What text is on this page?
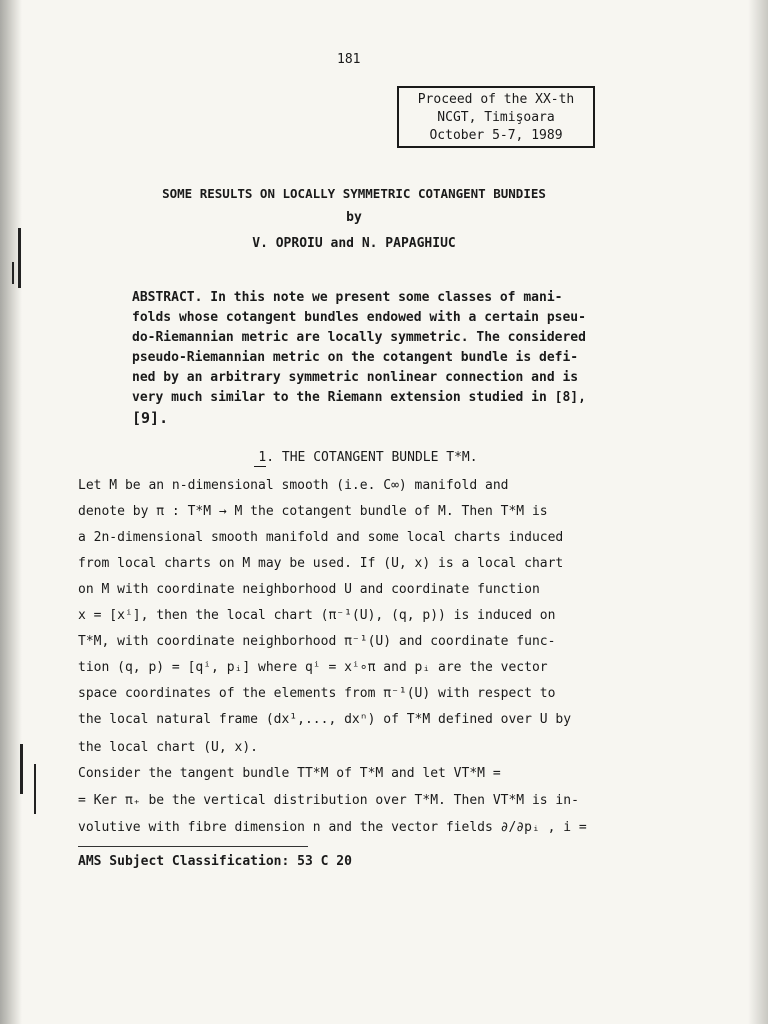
181
Proceed of the XX-th
NCGT, Timişoara
October 5-7, 1989
SOME RESULTS ON LOCALLY SYMMETRIC COTANGENT BUNDIES
by
V. OPROIU and N. PAPAGHIUC
ABSTRACT. In this note we present some classes of mani-
folds whose cotangent bundles endowed with a certain pseu-
do-Riemannian metric are locally symmetric. The considered
pseudo-Riemannian metric on the cotangent bundle is defi-
ned by an arbitrary symmetric nonlinear connection and is
very much similar to the Riemann extension studied in [8],
[9].
1. THE COTANGENT BUNDLE T*M.
Let M be an n-dimensional smooth (i.e. C∞) manifold and
denote by π : T*M → M the cotangent bundle of M. Then T*M is
a 2n-dimensional smooth manifold and some local charts induced
from local charts on M may be used. If (U, x) is a local chart
on M with coordinate neighborhood U and coordinate function
x = [xⁱ], then the local chart (π⁻¹(U), (q, p)) is induced on
T*M, with coordinate neighborhood π⁻¹(U) and coordinate func-
tion (q, p) = [qⁱ, pᵢ] where qⁱ = xⁱ∘π and pᵢ are the vector
space coordinates of the elements from π⁻¹(U) with respect to
the local natural frame (dx¹,..., dxⁿ) of T*M defined over U by
the local chart (U, x).
Consider the tangent bundle TT*M of T*M and let VT*M =
= Ker π₊ be the vertical distribution over T*M. Then VT*M is in-
volutive with fibre dimension n and the vector fields ∂/∂pᵢ , i =
AMS Subject Classification: 53 C 20
